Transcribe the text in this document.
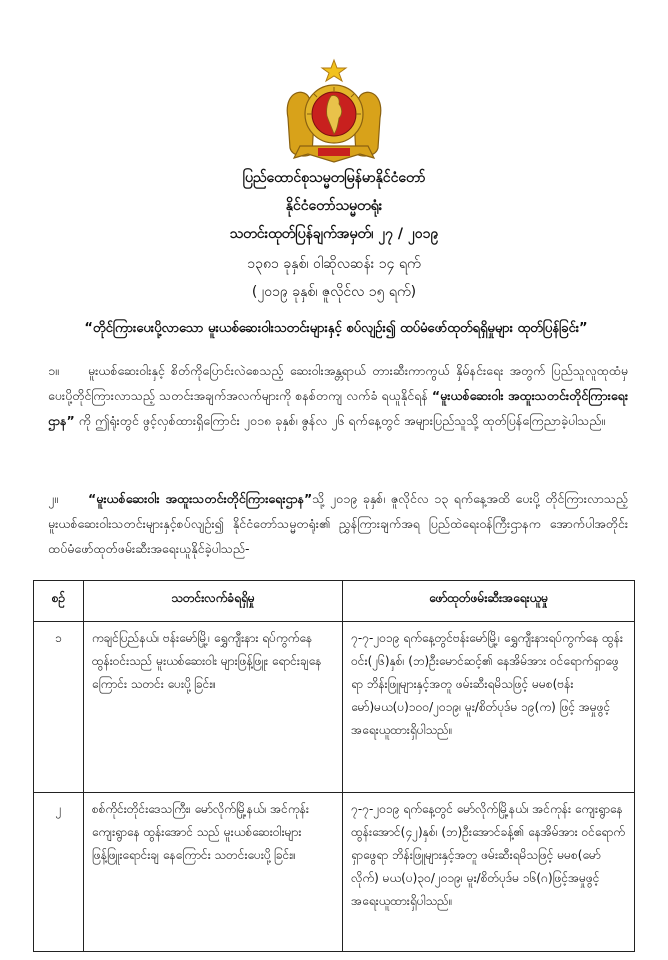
ပြည်ထောင်စုသမ္မတမြန်မာနိုင်ငံတော်
နိုင်ငံတော်သမ္မတရုံး
သတင်းထုတ်ပြန်ချက်အမှတ်၊ ၂၇ / ၂၀၁၉
၁၃၈၁ ခုနှစ်၊ ဝါဆိုလဆန်း ၁၄ ရက်
(၂၀၁၉ ခုနှစ်၊ ဇူလိုင်လ ၁၅ ရက်)
“တိုင်ကြားပေးပို့လာသော မူးယစ်ဆေးဝါးသတင်းများနှင့် စပ်လျဉ်း၍ ထပ်မံဖော်ထုတ်ရရှိမှုများ ထုတ်ပြန်ခြင်း”
၁။ မူးယစ်ဆေးဝါးနှင့် စိတ်ကိုပြောင်းလဲစေသည့် ဆေးဝါးအန္တရာယ် တားဆီးကာကွယ် နှိမ်နင်းရေး အတွက် ပြည်သူလူထုထံမှ ပေးပို့တိုင်ကြားလာသည့် သတင်းအချက်အလက်များကို စနစ်တကျ လက်ခံ ရယူနိုင်ရန် “မူးယစ်ဆေးဝါး အထူးသတင်းတိုင်ကြားရေးဌာန” ကို ဤရုံးတွင် ဖွင့်လှစ်ထားရှိကြောင်း ၂၀၁၈ ခုနှစ်၊ ဇွန်လ ၂၆ ရက်နေ့တွင် အများပြည်သူသို့ ထုတ်ပြန်ကြေညာခဲ့ပါသည်။
၂။ “မူးယစ်ဆေးဝါး အထူးသတင်းတိုင်ကြားရေးဌာန”သို့ ၂၀၁၉ ခုနှစ်၊ ဇူလိုင်လ ၁၃ ရက်နေ့အထိ ပေးပို့ တိုင်ကြားလာသည့် မူးယစ်ဆေးဝါးသတင်းများနှင့်စပ်လျဉ်း၍ နိုင်ငံတော်သမ္မတရုံး၏ ညွှန်ကြားချက်အရ ပြည်ထဲရေးဝန်ကြီးဌာနက အောက်ပါအတိုင်း ထပ်မံဖော်ထုတ်ဖမ်းဆီးအရေးယူနိုင်ခဲ့ပါသည်-
စဉ်	သတင်းလက်ခံရရှိမှု	ဖော်ထုတ်ဖမ်းဆီးအရေးယူမှု
၁	ကချင်ပြည်နယ်၊ ဗန်းမော်မြို့၊ ရွှေကျီးနား ရပ်ကွက်နေ ထွန်းဝင်းသည် မူးယစ်ဆေးဝါး များဖြန့်ဖြူး ရောင်းချနေကြောင်း သတင်း ပေးပို့ခြင်း။	၇-၇-၂၀၁၉ ရက်နေ့တွင်ဗန်းမော်မြို့၊ ရွှေကျီးနားရပ်ကွက်နေ ထွန်းဝင်း(၂၆)နှစ်၊ (ဘ)ဦးမောင်ဆင့်၏ နေအိမ်အား ဝင်ရောက်ရှာဖွေရာ ဘိန်းဖြူများနှင့်အတူ ဖမ်းဆီးရမိသဖြင့် မမစ(ဗန်းမော်)မယ(ပ)၁၀၀/၂၀၁၉၊ မူး/စိတ်ပုဒ်မ ၁၉(က) ဖြင့် အမှုဖွင့်အရေးယူထားရှိပါသည်။
၂	စစ်ကိုင်းတိုင်းဒေသကြီး၊ မော်လိုက်မြို့နယ်၊ အင်ကုန်းကျေးရွာနေ ထွန်းအောင် သည် မူးယစ်ဆေးဝါးများ ဖြန့်ဖြူးရောင်းချ နေကြောင်း သတင်းပေးပို့ခြင်း။	၇-၇-၂၀၁၉ ရက်နေ့တွင် မော်လိုက်မြို့နယ်၊ အင်ကုန်း ကျေးရွာနေ ထွန်းအောင်(၄၂)နှစ်၊ (ဘ)ဦးအောင်ခန့်၏ နေအိမ်အား ဝင်ရောက်ရှာဖွေရာ ဘိန်းဖြူများနှင့်အတူ ဖမ်းဆီးရမိသဖြင့် မမစ(မော်လိုက်) မယ(ပ)၃၀/၂၀၁၉၊ မူး/စိတ်ပုဒ်မ ၁၆(ဂ)ဖြင့်အမှုဖွင့်အရေးယူထားရှိပါသည်။
